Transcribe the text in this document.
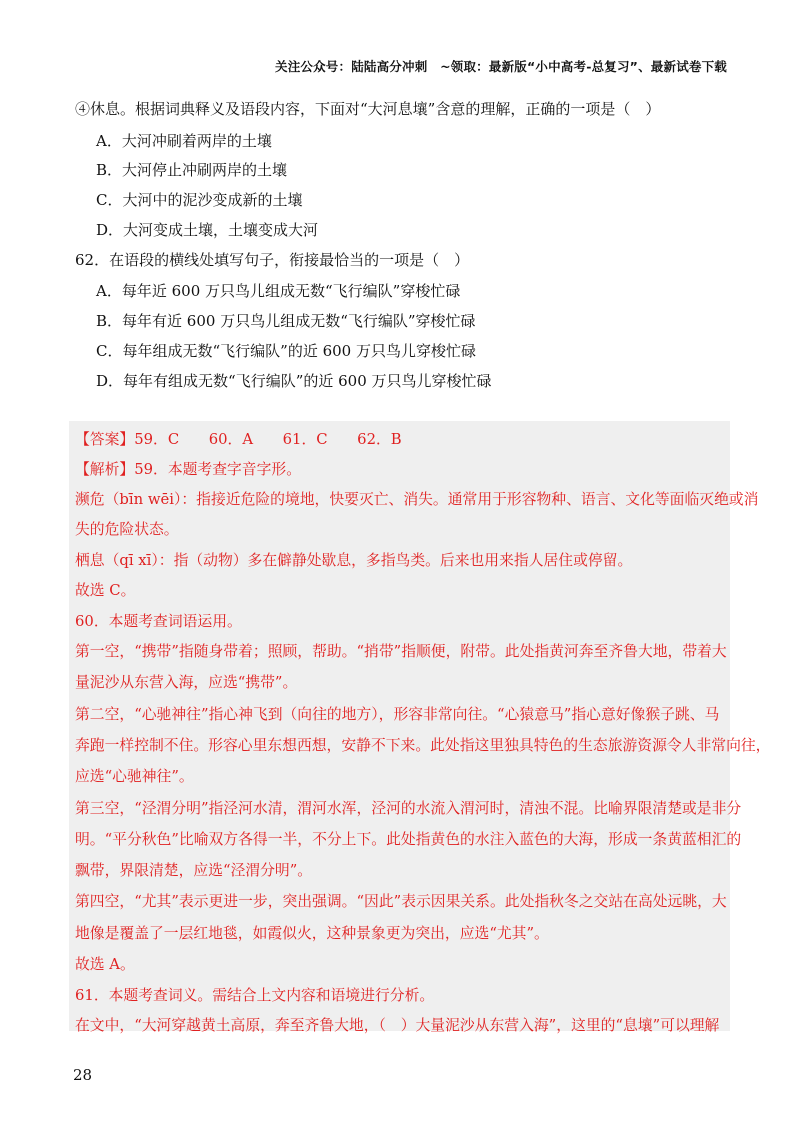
关注公众号：陆陆高分冲刺　~领取：最新版“小中高考-总复习”、最新试卷下载
④休息。根据词典释义及语段内容，下面对“大河息壤”含意的理解，正确的一项是（　）
A．大河冲刷着两岸的土壤
B．大河停止冲刷两岸的土壤
C．大河中的泥沙变成新的土壤
D．大河变成土壤，土壤变成大河
62．在语段的横线处填写句子，衔接最恰当的一项是（　）
A．每年近 600 万只鸟儿组成无数“飞行编队”穿梭忙碌
B．每年有近 600 万只鸟儿组成无数“飞行编队”穿梭忙碌
C．每年组成无数“飞行编队”的近 600 万只鸟儿穿梭忙碌
D．每年有组成无数“飞行编队”的近 600 万只鸟儿穿梭忙碌
【答案】59．C　　60．A　　61．C　　62．B
【解析】59．本题考查字音字形。
濒危（bīn wēi）：指接近危险的境地，快要灭亡、消失。通常用于形容物种、语言、文化等面临灭绝或消
失的危险状态。
栖息（qī xī）：指（动物）多在僻静处歇息，多指鸟类。后来也用来指人居住或停留。
故选 C。
60．本题考查词语运用。
第一空，“携带”指随身带着；照顾，帮助。“捎带”指顺便，附带。此处指黄河奔至齐鲁大地，带着大
量泥沙从东营入海，应选“携带”。
第二空，“心驰神往”指心神飞到（向往的地方），形容非常向往。“心猿意马”指心意好像猴子跳、马
奔跑一样控制不住。形容心里东想西想，安静不下来。此处指这里独具特色的生态旅游资源令人非常向往，
应选“心驰神往”。
第三空，“泾渭分明”指泾河水清，渭河水浑，泾河的水流入渭河时，清浊不混。比喻界限清楚或是非分
明。“平分秋色”比喻双方各得一半，不分上下。此处指黄色的水注入蓝色的大海，形成一条黄蓝相汇的
飘带，界限清楚，应选“泾渭分明”。
第四空，“尤其”表示更进一步，突出强调。“因此”表示因果关系。此处指秋冬之交站在高处远眺，大
地像是覆盖了一层红地毯，如霞似火，这种景象更为突出，应选“尤其”。
故选 A。
61．本题考查词义。需结合上文内容和语境进行分析。
在文中，“大河穿越黄土高原，奔至齐鲁大地，（　）大量泥沙从东营入海”，这里的“息壤”可以理解
28
